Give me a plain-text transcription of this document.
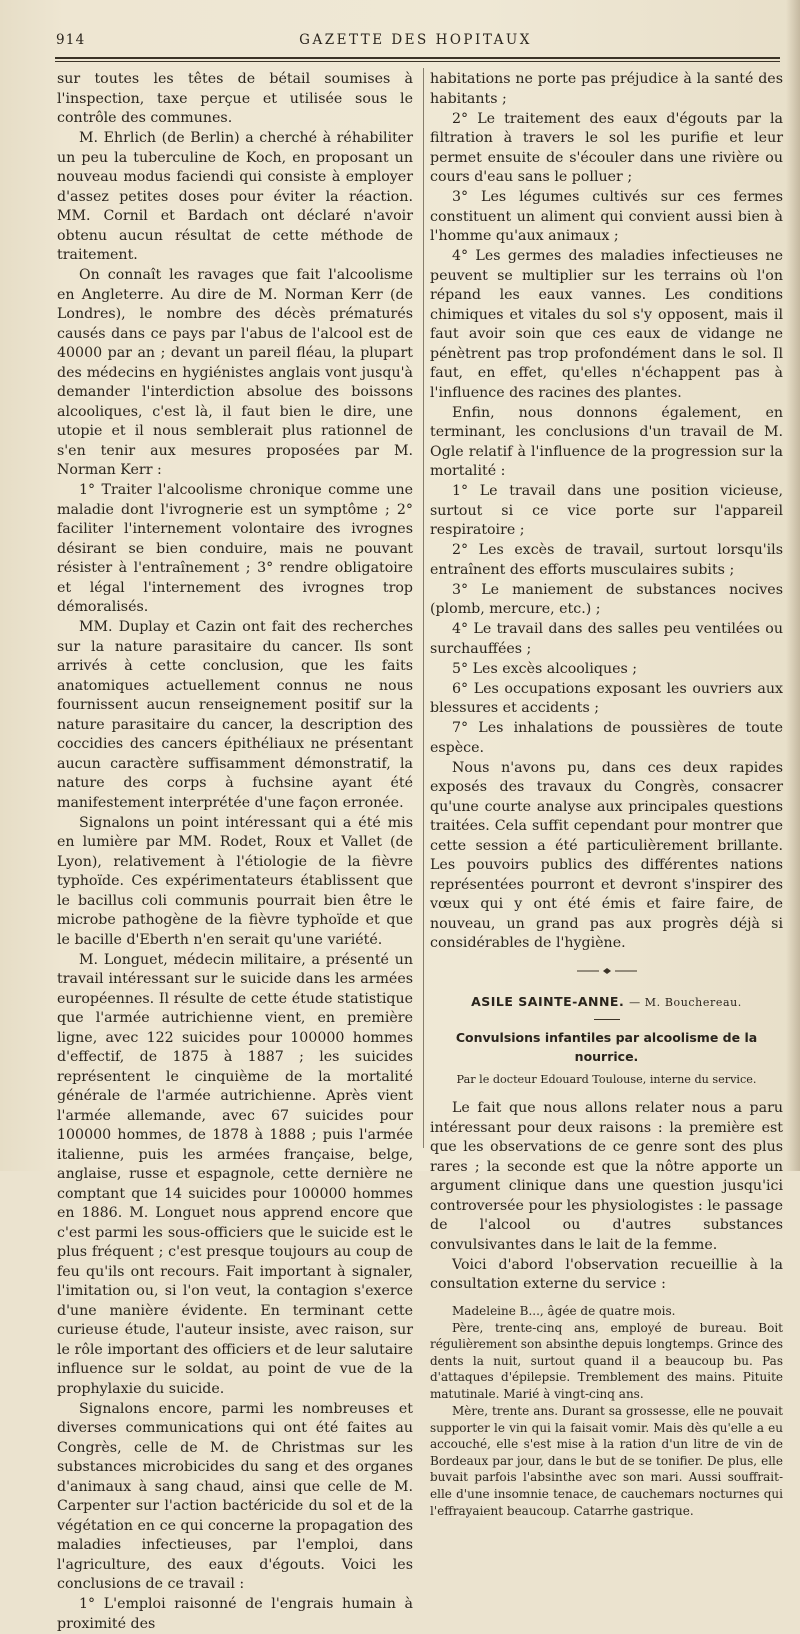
914	GAZETTE DES HOPITAUX

sur toutes les têtes de bétail soumises à l'inspection, taxe perçue et utilisée sous le contrôle des communes.

M. Ehrlich (de Berlin) a cherché à réhabiliter un peu la tuberculine de Koch, en proposant un nouveau modus faciendi qui consiste à employer d'assez petites doses pour éviter la réaction. MM. Cornil et Bardach ont déclaré n'avoir obtenu aucun résultat de cette méthode de traitement.

On connaît les ravages que fait l'alcoolisme en Angleterre. Au dire de M. Norman Kerr (de Londres), le nombre des décès prématurés causés dans ce pays par l'abus de l'alcool est de 40000 par an ; devant un pareil fléau, la plupart des médecins en hygiénistes anglais vont jusqu'à demander l'interdiction absolue des boissons alcooliques, c'est là, il faut bien le dire, une utopie et il nous semblerait plus rationnel de s'en tenir aux mesures proposées par M. Norman Kerr :

1° Traiter l'alcoolisme chronique comme une maladie dont l'ivrognerie est un symptôme ; 2° faciliter l'internement volontaire des ivrognes désirant se bien conduire, mais ne pouvant résister à l'entraînement ; 3° rendre obligatoire et légal l'internement des ivrognes trop démoralisés.

MM. Duplay et Cazin ont fait des recherches sur la nature parasitaire du cancer. Ils sont arrivés à cette conclusion, que les faits anatomiques actuellement connus ne nous fournissent aucun renseignement positif sur la nature parasitaire du cancer, la description des coccidies des cancers épithéliaux ne présentant aucun caractère suffisamment démonstratif, la nature des corps à fuchsine ayant été manifestement interprétée d'une façon erronée.

Signalons un point intéressant qui a été mis en lumière par MM. Rodet, Roux et Vallet (de Lyon), relativement à l'étiologie de la fièvre typhoïde. Ces expérimentateurs établissent que le bacillus coli communis pourrait bien être le microbe pathogène de la fièvre typhoïde et que le bacille d'Eberth n'en serait qu'une variété.

M. Longuet, médecin militaire, a présenté un travail intéressant sur le suicide dans les armées européennes. Il résulte de cette étude statistique que l'armée autrichienne vient, en première ligne, avec 122 suicides pour 100000 hommes d'effectif, de 1875 à 1887 ; les suicides représentent le cinquième de la mortalité générale de l'armée autrichienne. Après vient l'armée allemande, avec 67 suicides pour 100000 hommes, de 1878 à 1888 ; puis l'armée italienne, puis les armées française, belge, anglaise, russe et espagnole, cette dernière ne comptant que 14 suicides pour 100000 hommes en 1886. M. Longuet nous apprend encore que c'est parmi les sous-officiers que le suicide est le plus fréquent ; c'est presque toujours au coup de feu qu'ils ont recours. Fait important à signaler, l'imitation ou, si l'on veut, la contagion s'exerce d'une manière évidente. En terminant cette curieuse étude, l'auteur insiste, avec raison, sur le rôle important des officiers et de leur salutaire influence sur le soldat, au point de vue de la prophylaxie du suicide.

Signalons encore, parmi les nombreuses et diverses communications qui ont été faites au Congrès, celle de M. de Christmas sur les substances microbicides du sang et des organes d'animaux à sang chaud, ainsi que celle de M. Carpenter sur l'action bactéricide du sol et de la végétation en ce qui concerne la propagation des maladies infectieuses, par l'emploi, dans l'agriculture, des eaux d'égouts. Voici les conclusions de ce travail :

1° L'emploi raisonné de l'engrais humain à proximité des

habitations ne porte pas préjudice à la santé des habitants ;

2° Le traitement des eaux d'égouts par la filtration à travers le sol les purifie et leur permet ensuite de s'écouler dans une rivière ou cours d'eau sans le polluer ;

3° Les légumes cultivés sur ces fermes constituent un aliment qui convient aussi bien à l'homme qu'aux animaux ;

4° Les germes des maladies infectieuses ne peuvent se multiplier sur les terrains où l'on répand les eaux vannes. Les conditions chimiques et vitales du sol s'y opposent, mais il faut avoir soin que ces eaux de vidange ne pénètrent pas trop profondément dans le sol. Il faut, en effet, qu'elles n'échappent pas à l'influence des racines des plantes.

Enfin, nous donnons également, en terminant, les conclusions d'un travail de M. Ogle relatif à l'influence de la progression sur la mortalité :

1° Le travail dans une position vicieuse, surtout si ce vice porte sur l'appareil respiratoire ;

2° Les excès de travail, surtout lorsqu'ils entraînent des efforts musculaires subits ;

3° Le maniement de substances nocives (plomb, mercure, etc.) ;

4° Le travail dans des salles peu ventilées ou surchauffées ;

5° Les excès alcooliques ;

6° Les occupations exposant les ouvriers aux blessures et accidents ;

7° Les inhalations de poussières de toute espèce.

Nous n'avons pu, dans ces deux rapides exposés des travaux du Congrès, consacrer qu'une courte analyse aux principales questions traitées. Cela suffit cependant pour montrer que cette session a été particulièrement brillante. Les pouvoirs publics des différentes nations représentées pourront et devront s'inspirer des vœux qui y ont été émis et faire faire, de nouveau, un grand pas aux progrès déjà si considérables de l'hygiène.

ASILE SAINTE-ANNE. — M. Bouchereau.
Convulsions infantiles par alcoolisme de la nourrice.
Par le docteur Edouard Toulouse, interne du service.

Le fait que nous allons relater nous a paru intéressant pour deux raisons : la première est que les observations de ce genre sont des plus rares ; la seconde est que la nôtre apporte un argument clinique dans une question jusqu'ici controversée pour les physiologistes : le passage de l'alcool ou d'autres substances convulsivantes dans le lait de la femme.

Voici d'abord l'observation recueillie à la consultation externe du service :

Madeleine B..., âgée de quatre mois.

Père, trente-cinq ans, employé de bureau. Boit régulièrement son absinthe depuis longtemps. Grince des dents la nuit, surtout quand il a beaucoup bu. Pas d'attaques d'épilepsie. Tremblement des mains. Pituite matutinale. Marié à vingt-cinq ans.

Mère, trente ans. Durant sa grossesse, elle ne pouvait supporter le vin qui la faisait vomir. Mais dès qu'elle a eu accouché, elle s'est mise à la ration d'un litre de vin de Bordeaux par jour, dans le but de se tonifier. De plus, elle buvait parfois l'absinthe avec son mari. Aussi souffrait-elle d'une insomnie tenace, de cauchemars nocturnes qui l'effrayaient beaucoup. Catarrhe gastrique.
